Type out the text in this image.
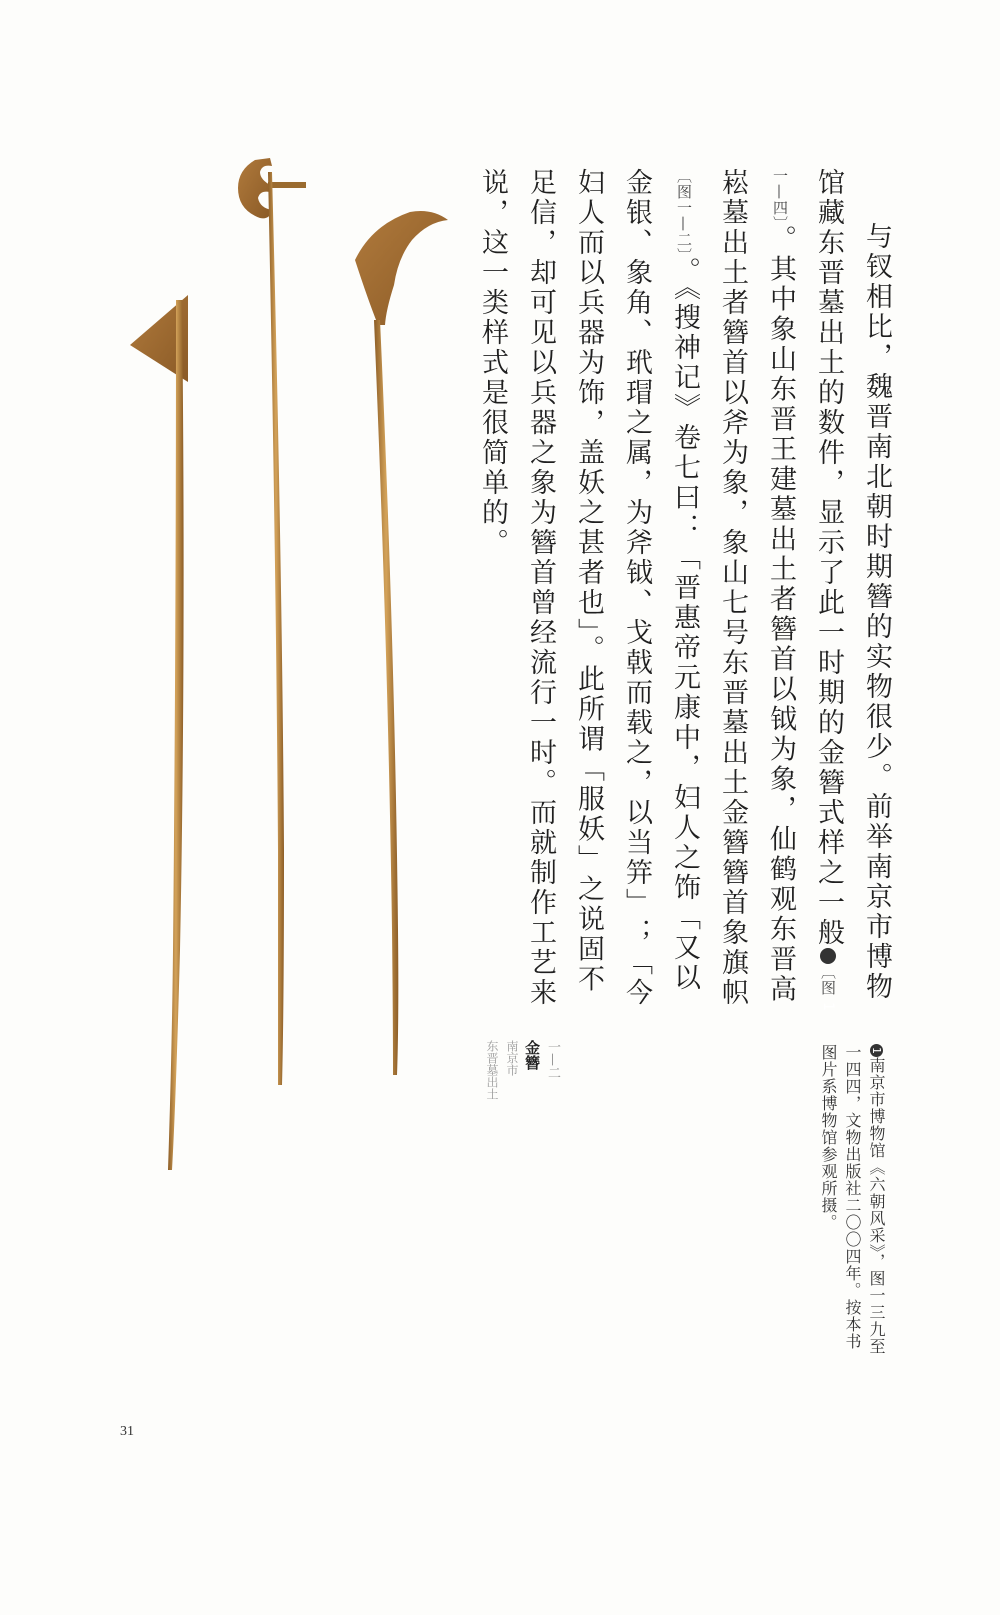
与钗相比，魏晋南北朝时期簪的实物很少。前举南京市博物馆藏东晋墓出土的数件，显示了此一时期的金簪式样之一般1〔图一—四〕。其中象山东晋王建墓出土者簪首以钺为象，仙鹤观东晋高崧墓出土者簪首以斧为象，象山七号东晋墓出土金簪簪首象旗帜〔图一—二〕。《搜神记》卷七曰：「晋惠帝元康中，妇人之饰「又以金银、象角、玳瑁之属，为斧钺、戈戟而载之，以当笄」；「今妇人而以兵器为饰，盖妖之甚者也」。此所谓「服妖」之说固不足信，却可见以兵器之象为簪首曾经流行一时。而就制作工艺来说，这一类样式是很简单的。

1南京市博物馆《六朝风采》，图一三九至一四四，文物出版社二〇〇四年。按本书图片系博物馆参观所摄。
一—二
金簪
南京市
东晋墓出土
31
